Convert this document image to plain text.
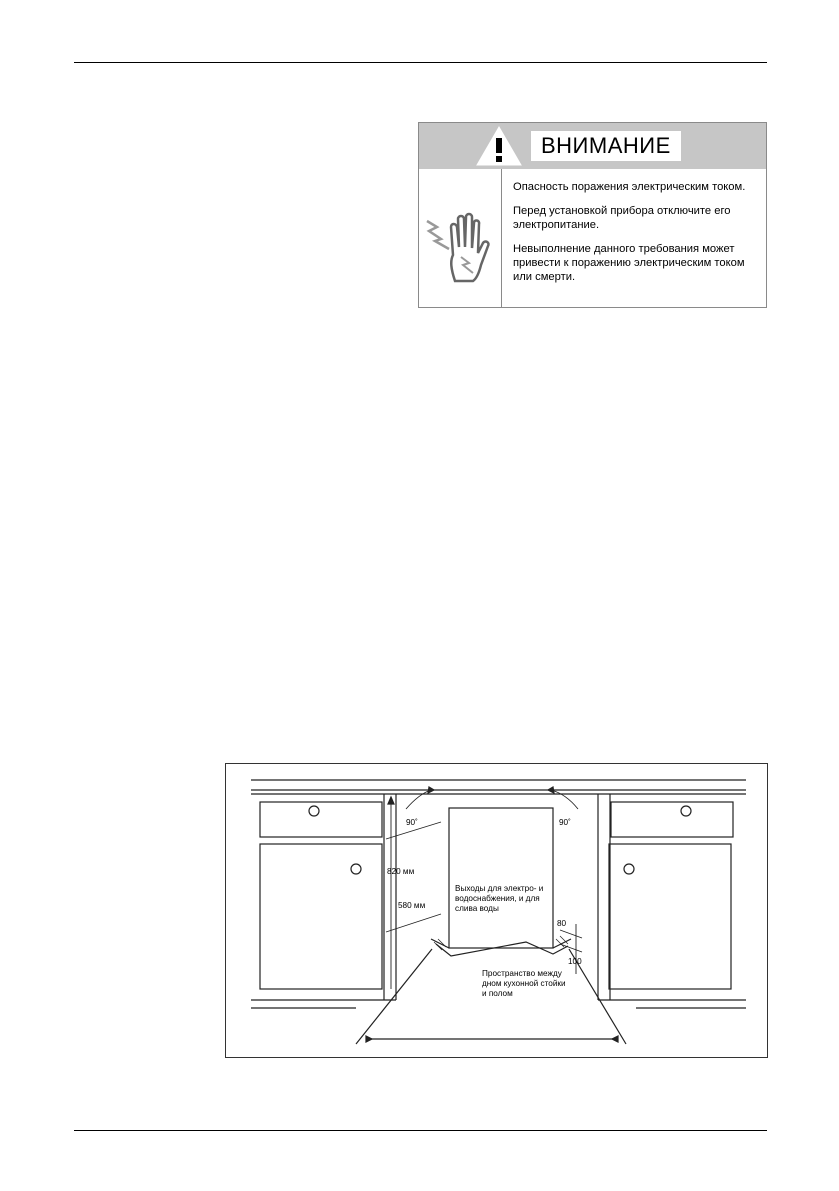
ВНИМАНИЕ

Опасность поражения электрическим током.

Перед установкой прибора отключите его
электропитание.

Невыполнение данного требования может
привести к поражению электрическим током
или смерти.

90˚	90˚
820 мм
580 мм
Выходы для электро- и
водоснабжения, и для
слива воды
80
100
Пространство между
дном кухонной стойки
и полом
